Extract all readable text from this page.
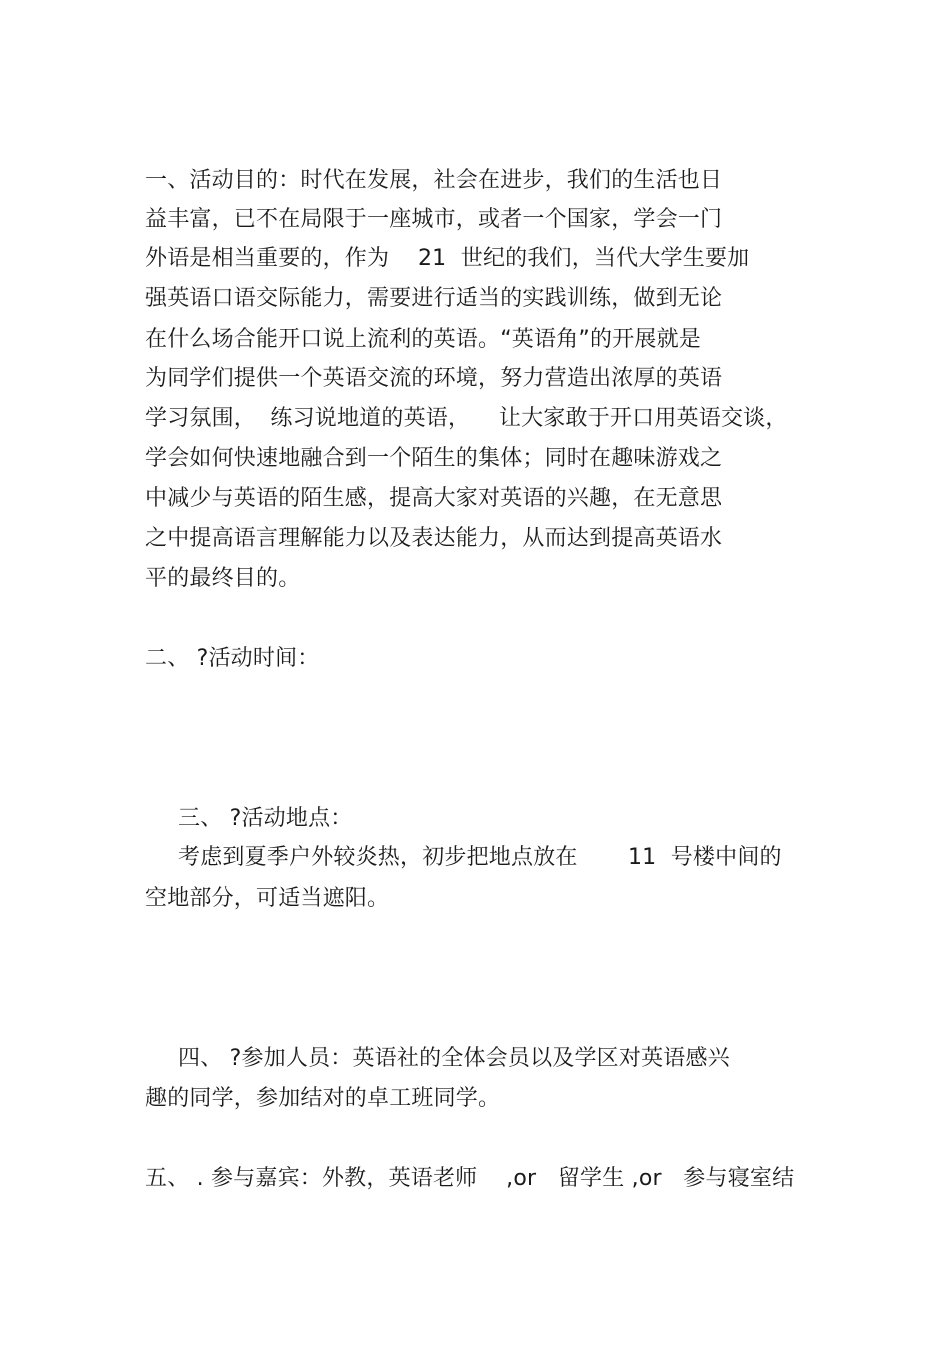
一、活动目的：时代在发展，社会在进步，我们的生活也日
益丰富，已不在局限于一座城市，或者一个国家，学会一门
外语是相当重要的，作为    21  世纪的我们，当代大学生要加
强英语口语交际能力，需要进行适当的实践训练，做到无论
在什么场合能开口说上流利的英语。“英语角”的开展就是
为同学们提供一个英语交流的环境，努力营造出浓厚的英语
学习氛围，  练习说地道的英语，    让大家敢于开口用英语交谈，
学会如何快速地融合到一个陌生的集体；同时在趣味游戏之
中减少与英语的陌生感，提高大家对英语的兴趣，在无意思
之中提高语言理解能力以及表达能力，从而达到提高英语水
平的最终目的。
二、 ?活动时间：
三、 ?活动地点：
考虑到夏季户外较炎热，初步把地点放在       11  号楼中间的
空地部分，可适当遮阳。
四、 ?参加人员：英语社的全体会员以及学区对英语感兴
趣的同学，参加结对的卓工班同学。
五、 . 参与嘉宾：外教，英语老师    ,or   留学生 ,or   参与寝室结
